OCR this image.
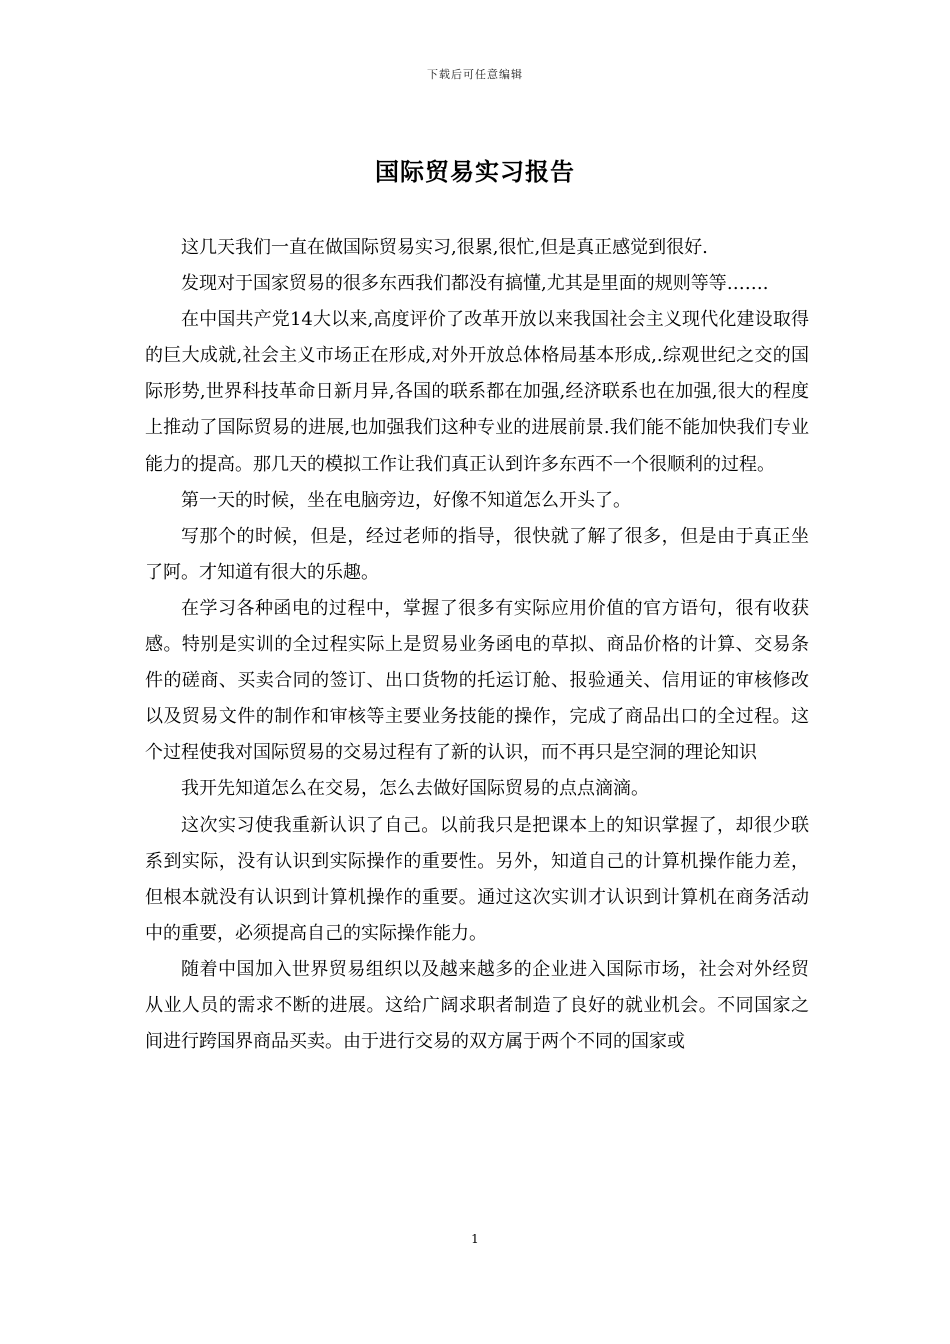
下载后可任意编辑
国际贸易实习报告

这几天我们一直在做国际贸易实习,很累,很忙,但是真正感觉到很好.

发现对于国家贸易的很多东西我们都没有搞懂,尤其是里面的规则等等…….

在中国共产党14大以来,高度评价了改革开放以来我国社会主义现代化建设取得的巨大成就,社会主义市场正在形成,对外开放总体格局基本形成,.综观世纪之交的国际形势,世界科技革命日新月异,各国的联系都在加强,经济联系也在加强,很大的程度上推动了国际贸易的进展,也加强我们这种专业的进展前景.我们能不能加快我们专业能力的提高。那几天的模拟工作让我们真正认到许多东西不一个很顺利的过程。

第一天的时候，坐在电脑旁边，好像不知道怎么开头了。

写那个的时候，但是，经过老师的指导，很快就了解了很多，但是由于真正坐了阿。才知道有很大的乐趣。

在学习各种函电的过程中，掌握了很多有实际应用价值的官方语句，很有收获感。特别是实训的全过程实际上是贸易业务函电的草拟、商品价格的计算、交易条件的磋商、买卖合同的签订、出口货物的托运订舱、报验通关、信用证的审核修改以及贸易文件的制作和审核等主要业务技能的操作，完成了商品出口的全过程。这个过程使我对国际贸易的交易过程有了新的认识，而不再只是空洞的理论知识

我开先知道怎么在交易，怎么去做好国际贸易的点点滴滴。

这次实习使我重新认识了自己。以前我只是把课本上的知识掌握了，却很少联系到实际，没有认识到实际操作的重要性。另外，知道自己的计算机操作能力差，但根本就没有认识到计算机操作的重要。通过这次实训才认识到计算机在商务活动中的重要，必须提高自己的实际操作能力。

随着中国加入世界贸易组织以及越来越多的企业进入国际市场，社会对外经贸从业人员的需求不断的进展。这给广阔求职者制造了良好的就业机会。不同国家之间进行跨国界商品买卖。由于进行交易的双方属于两个不同的国家或

1
